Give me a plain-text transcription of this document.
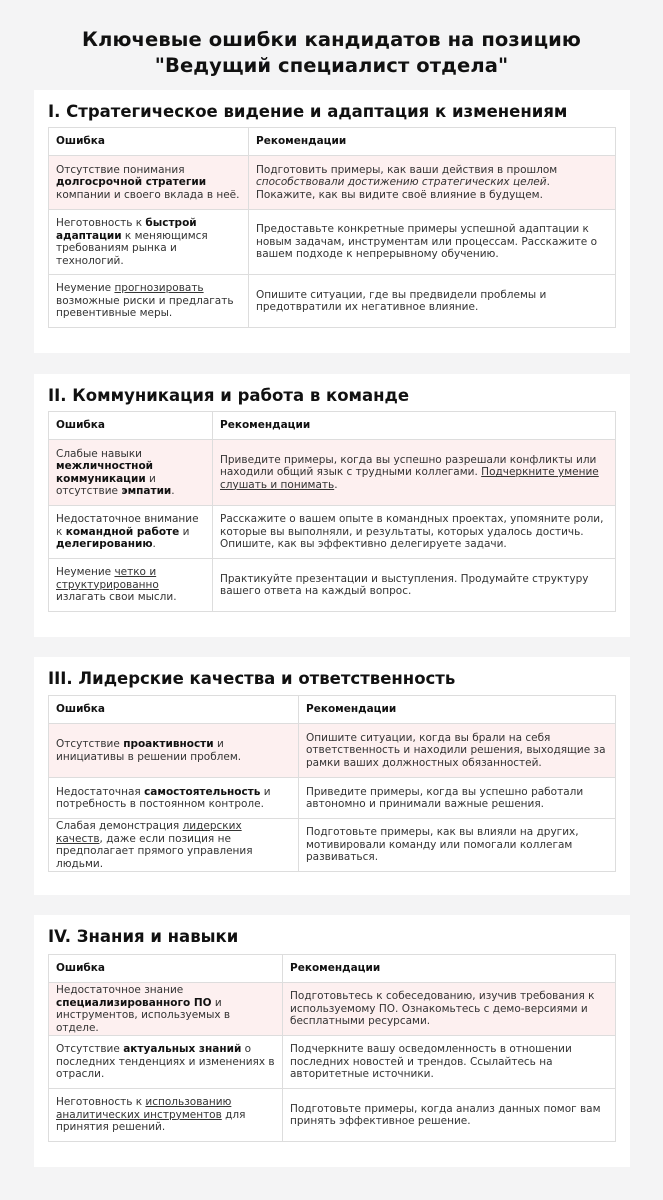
Ключевые ошибки кандидатов на позицию
"Ведущий специалист отдела"
I. Стратегическое видение и адаптация к изменениям
Ошибка	Рекомендации
Отсутствие понимания долгосрочной стратегии компании и своего вклада в неё.	Подготовить примеры, как ваши действия в прошлом способствовали достижению стратегических целей. Покажите, как вы видите своё влияние в будущем.
Неготовность к быстрой адаптации к меняющимся требованиям рынка и технологий.	Предоставьте конкретные примеры успешной адаптации к новым задачам, инструментам или процессам. Расскажите о вашем подходе к непрерывному обучению.
Неумение прогнозировать возможные риски и предлагать превентивные меры.	Опишите ситуации, где вы предвидели проблемы и предотвратили их негативное влияние.
II. Коммуникация и работа в команде
Ошибка	Рекомендации
Слабые навыки межличностной коммуникации и отсутствие эмпатии.	Приведите примеры, когда вы успешно разрешали конфликты или находили общий язык с трудными коллегами. Подчеркните умение слушать и понимать.
Недостаточное внимание к командной работе и делегированию.	Расскажите о вашем опыте в командных проектах, упомяните роли, которые вы выполняли, и результаты, которых удалось достичь. Опишите, как вы эффективно делегируете задачи.
Неумение четко и структурированно излагать свои мысли.	Практикуйте презентации и выступления. Продумайте структуру вашего ответа на каждый вопрос.
III. Лидерские качества и ответственность
Ошибка	Рекомендации
Отсутствие проактивности и инициативы в решении проблем.	Опишите ситуации, когда вы брали на себя ответственность и находили решения, выходящие за рамки ваших должностных обязанностей.
Недостаточная самостоятельность и потребность в постоянном контроле.	Приведите примеры, когда вы успешно работали автономно и принимали важные решения.
Слабая демонстрация лидерских качеств, даже если позиция не предполагает прямого управления людьми.	Подготовьте примеры, как вы влияли на других, мотивировали команду или помогали коллегам развиваться.
IV. Знания и навыки
Ошибка	Рекомендации
Недостаточное знание специализированного ПО и инструментов, используемых в отделе.	Подготовьтесь к собеседованию, изучив требования к используемому ПО. Ознакомьтесь с демо-версиями и бесплатными ресурсами.
Отсутствие актуальных знаний о последних тенденциях и изменениях в отрасли.	Подчеркните вашу осведомленность в отношении последних новостей и трендов. Ссылайтесь на авторитетные источники.
Неготовность к использованию аналитических инструментов для принятия решений.	Подготовьте примеры, когда анализ данных помог вам принять эффективное решение.
